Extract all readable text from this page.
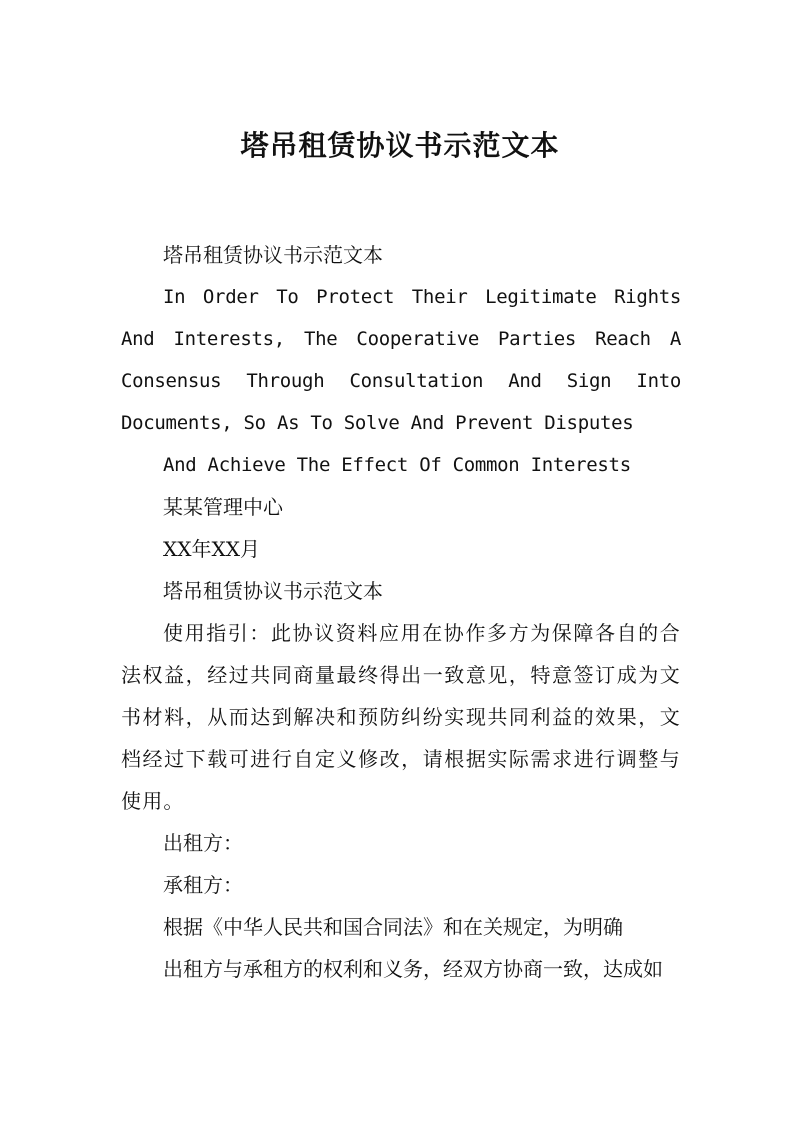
塔吊租赁协议书示范文本

塔吊租赁协议书示范文本

In Order To Protect Their Legitimate Rights And Interests, The Cooperative Parties Reach A Consensus Through Consultation And Sign Into Documents, So As To Solve And Prevent Disputes

And Achieve The Effect Of Common Interests

某某管理中心

XX年XX月

塔吊租赁协议书示范文本

使用指引：此协议资料应用在协作多方为保障各自的合法权益，经过共同商量最终得出一致意见，特意签订成为文书材料，从而达到解决和预防纠纷实现共同利益的效果，文档经过下载可进行自定义修改，请根据实际需求进行调整与使用。

出租方：

承租方：

根据《中华人民共和国合同法》和在关规定，为明确

出租方与承租方的权利和义务，经双方协商一致，达成如
